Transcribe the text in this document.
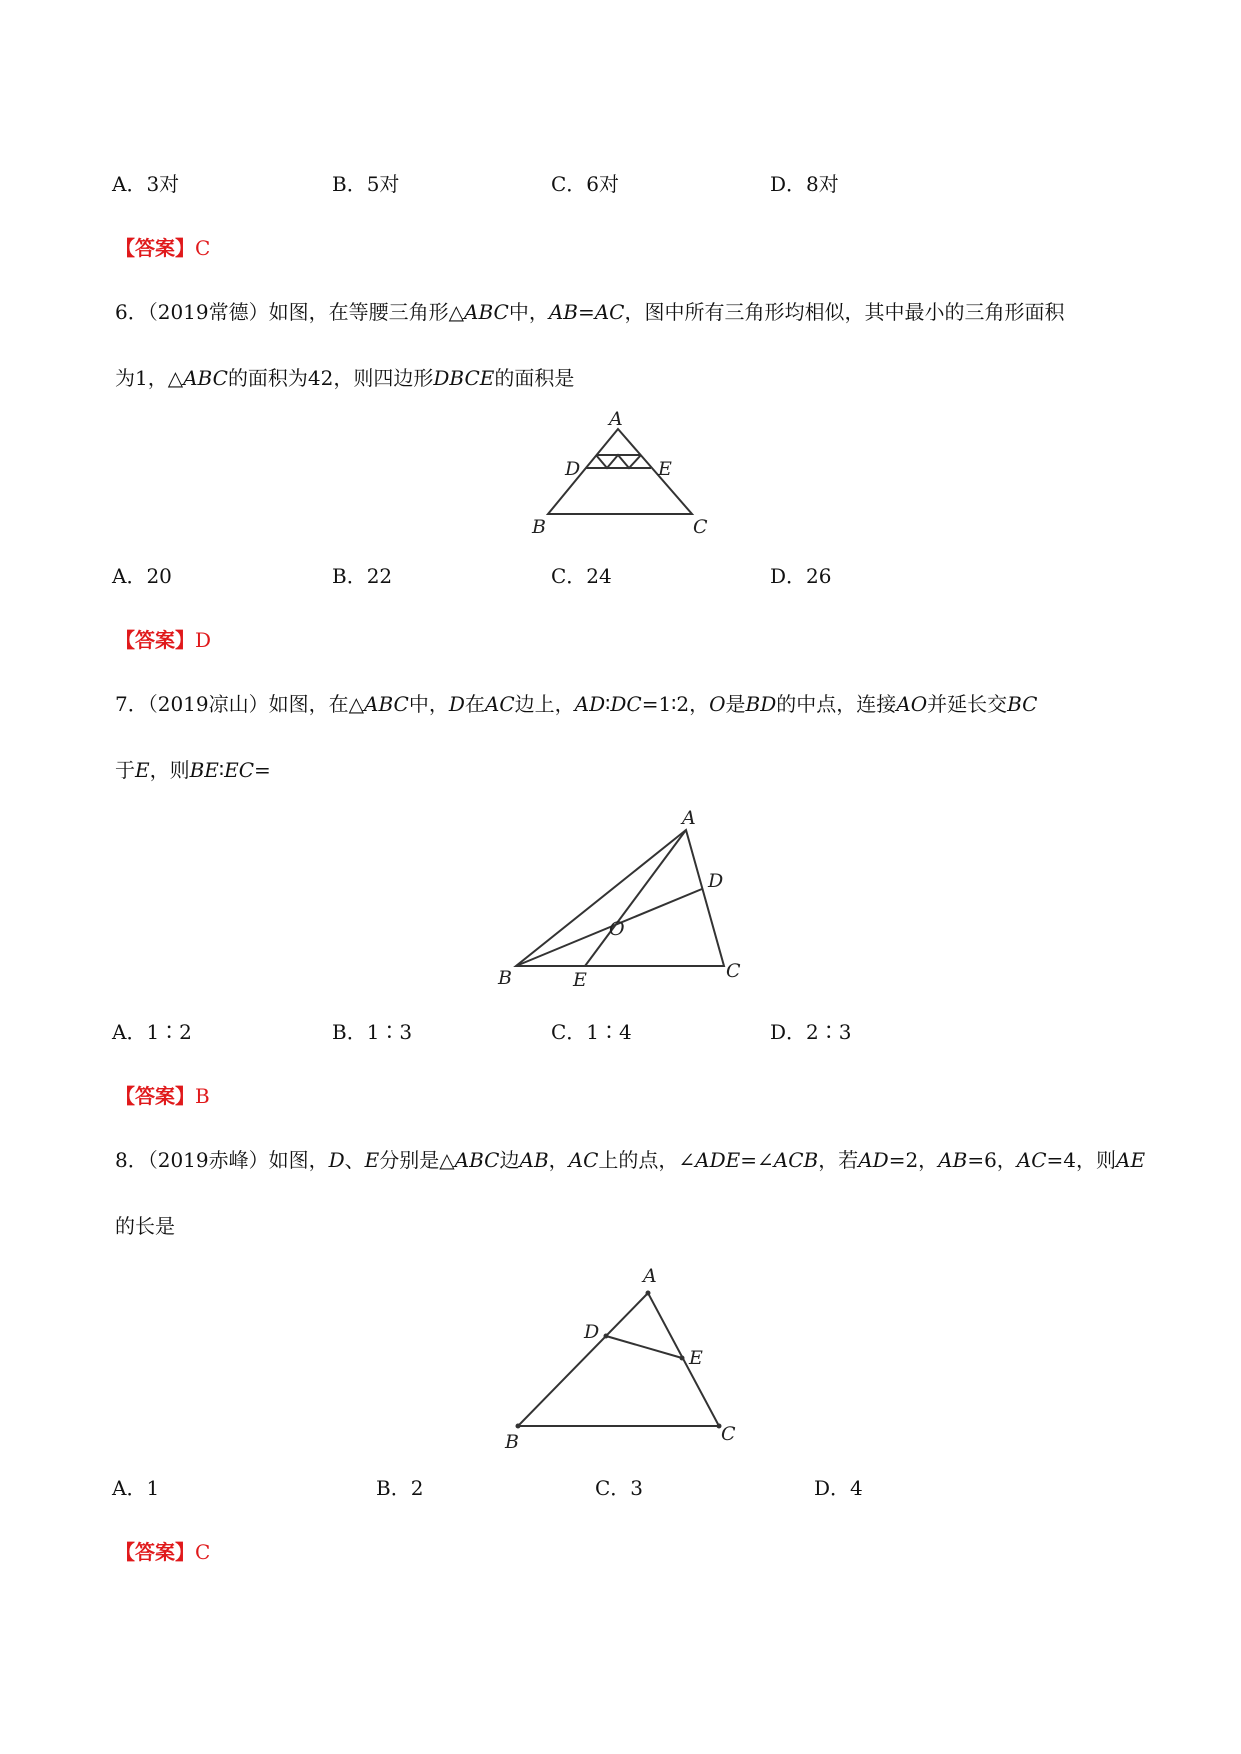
A．3对	B．5对	C．6对	D．8对
【答案】C
6．（2019常德）如图，在等腰三角形△ABC中，AB=AC，图中所有三角形均相似，其中最小的三角形面积
为1，△ABC的面积为42，则四边形DBCE的面积是
A
D	E
B	C
A．20	B．22	C．24	D．26
【答案】D
7．（2019凉山）如图，在△ABC中，D在AC边上，AD∶DC=1∶2，O是BD的中点，连接AO并延长交BC
于E，则BE∶EC=
A
D
O
B	E	C
A．1∶2	B．1∶3	C．1∶4	D．2∶3
【答案】B
8．（2019赤峰）如图，D、E分别是△ABC边AB，AC上的点，∠ADE=∠ACB，若AD=2，AB=6，AC=4，则AE
的长是
A
D
E
B	C
A．1	B．2	C．3	D．4
【答案】C
